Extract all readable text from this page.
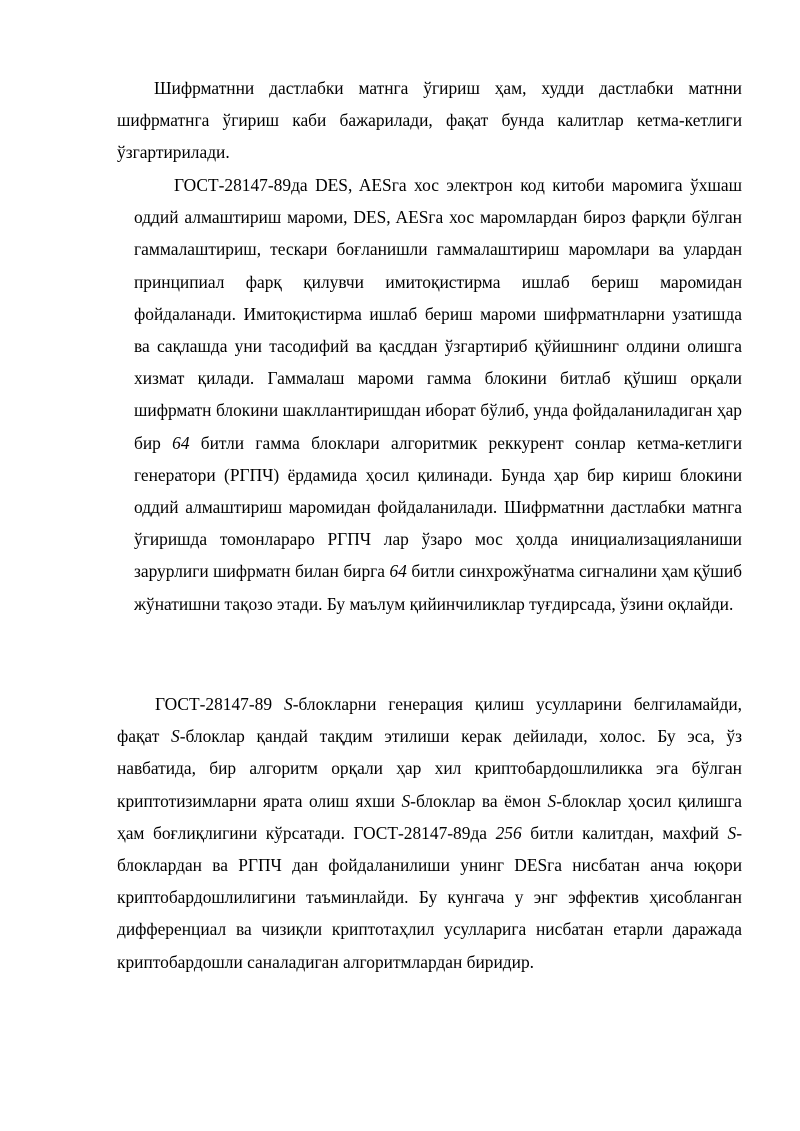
Шифрматнни дастлабки матнга ўгириш ҳам, худди дастлабки матнни шифрматнга ўгириш каби бажарилади, фақат бунда калитлар кетма-кетлиги ўзгартирилади.

ГОСТ-28147-89да DES, AESга хос электрон код китоби маромига ўхшаш оддий алмаштириш мароми, DES, AESга хос маромлардан бироз фарқли бўлган гаммалаштириш, тескари боғланишли гаммалаштириш маромлари ва улардан принципиал фарқ қилувчи имитоқистирма ишлаб бериш маромидан фойдаланади. Имитоқистирма ишлаб бериш мароми шифрматнларни узатишда ва сақлашда уни тасодифий ва қасддан ўзгартириб қўйишнинг олдини олишга хизмат қилади. Гаммалаш мароми гамма блокини битлаб қўшиш орқали шифрматн блокини шакллантиришдан иборат бўлиб, унда фойдаланиладиган ҳар бир 64 битли гамма блоклари алгоритмик реккурент сонлар кетма-кетлиги генератори (РГПЧ) ёрдамида ҳосил қилинади. Бунда ҳар бир кириш блокини оддий алмаштириш маромидан фойдаланилади. Шифрматнни дастлабки матнга ўгиришда томонлараро РГПЧ лар ўзаро мос ҳолда инициализацияланиши зарурлиги шифрматн билан бирга 64 битли синхрожўнатма сигналини ҳам қўшиб жўнатишни тақозо этади. Бу маълум қийинчиликлар туғдирсада, ўзини оқлайди.

ГОСТ-28147-89 S-блокларни генерация қилиш усулларини белгиламайди, фақат S-блоклар қандай тақдим этилиши керак дейилади, холос. Бу эса, ўз навбатида, бир алгоритм орқали ҳар хил криптобардошлиликка эга бўлган криптотизимларни ярата олиш яхши S-блоклар ва ёмон S-блоклар ҳосил қилишга ҳам боғлиқлигини кўрсатади. ГОСТ-28147-89да 256 битли калитдан, махфий S-блоклардан ва РГПЧ дан фойдаланилиши унинг DESга нисбатан анча юқори криптобардошлилигини таъминлайди. Бу кунгача у энг эффектив ҳисобланган дифференциал ва чизиқли криптотаҳлил усулларига нисбатан етарли даражада криптобардошли саналадиган алгоритмлардан биридир.
